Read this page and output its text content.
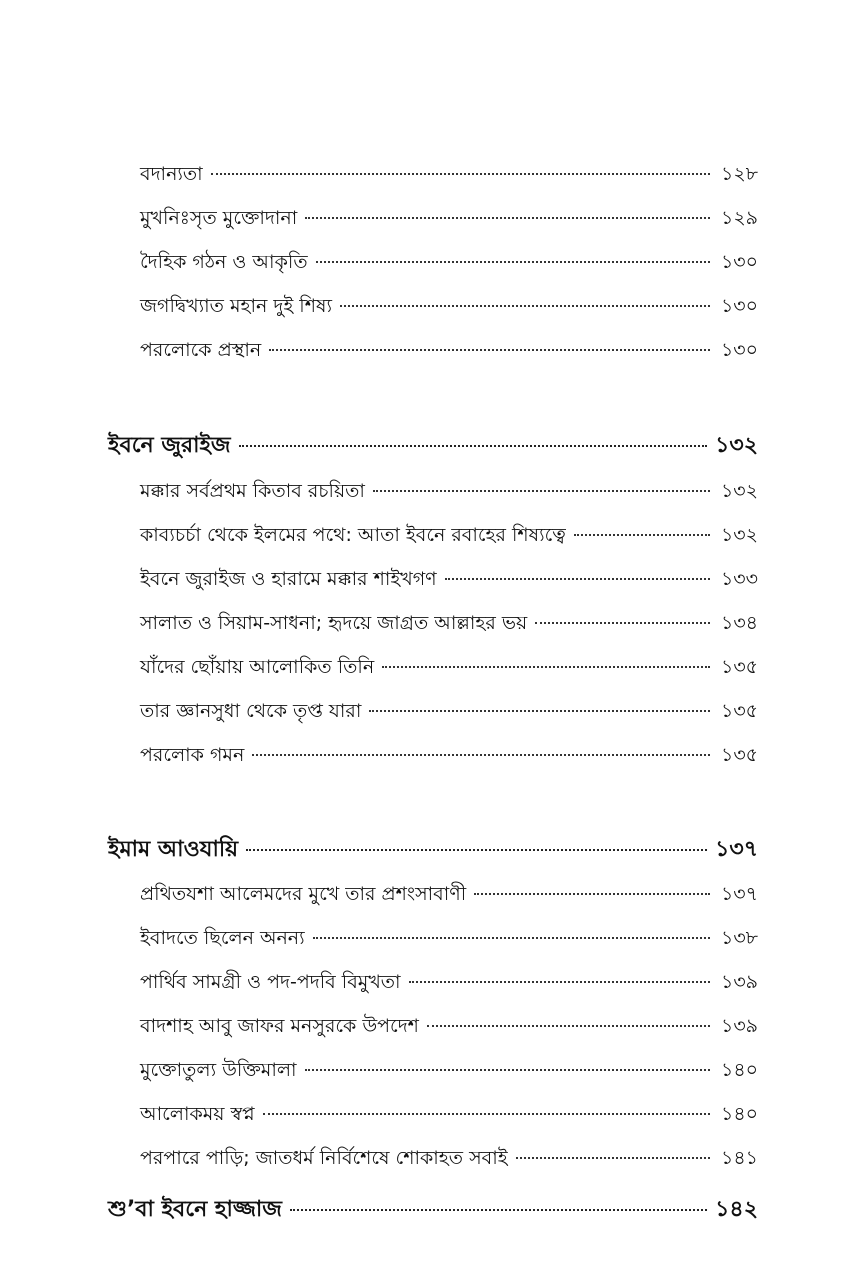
বদান্যতা	১২৮
মুখনিঃসৃত মুক্তোদানা	১২৯
দৈহিক গঠন ও আকৃতি	১৩০
জগদ্বিখ্যাত মহান দুই শিষ্য	১৩০
পরলোকে প্রস্থান	১৩০
ইবনে জুরাইজ	১৩২
মক্কার সর্বপ্রথম কিতাব রচয়িতা	১৩২
কাব্যচর্চা থেকে ইলমের পথে: আতা ইবনে রবাহের শিষ্যত্বে	১৩২
ইবনে জুরাইজ ও হারামে মক্কার শাইখগণ	১৩৩
সালাত ও সিয়াম-সাধনা; হৃদয়ে জাগ্রত আল্লাহর ভয়	১৩৪
যাঁদের ছোঁয়ায় আলোকিত তিনি	১৩৫
তার জ্ঞানসুধা থেকে তৃপ্ত যারা	১৩৫
পরলোক গমন	১৩৫
ইমাম আওযায়ি	১৩৭
প্রথিতযশা আলেমদের মুখে তার প্রশংসাবাণী	১৩৭
ইবাদতে ছিলেন অনন্য	১৩৮
পার্থিব সামগ্রী ও পদ-পদবি বিমুখতা	১৩৯
বাদশাহ আবু জাফর মনসুরকে উপদেশ	১৩৯
মুক্তোতুল্য উক্তিমালা	১৪০
আলোকময় স্বপ্ন	১৪০
পরপারে পাড়ি; জাতধর্ম নির্বিশেষে শোকাহত সবাই	১৪১
শু’বা ইবনে হাজ্জাজ	১৪২
